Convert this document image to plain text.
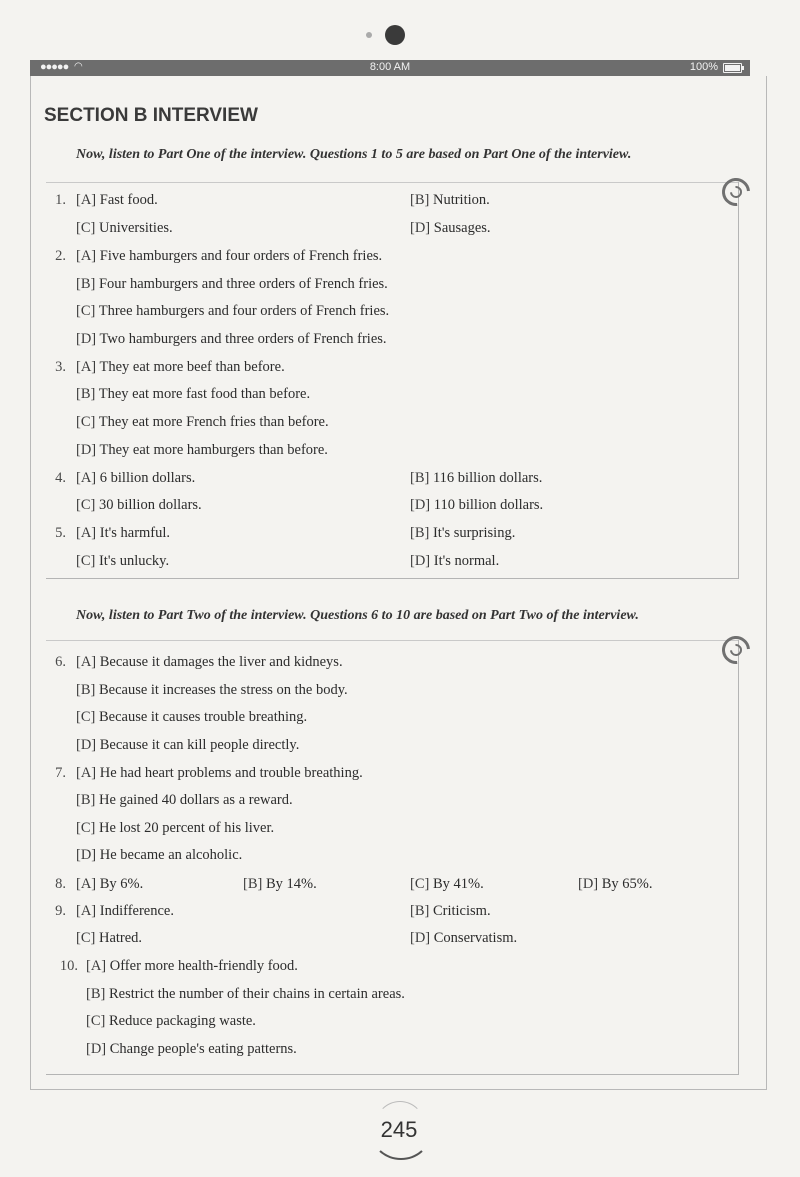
●●●●● ◠	8:00 AM	100%
SECTION B INTERVIEW
Now, listen to Part One of the interview. Questions 1 to 5 are based on Part One of the interview.
1. [A] Fast food.	[B] Nutrition.
[C] Universities.	[D] Sausages.
2. [A] Five hamburgers and four orders of French fries.
[B] Four hamburgers and three orders of French fries.
[C] Three hamburgers and four orders of French fries.
[D] Two hamburgers and three orders of French fries.
3. [A] They eat more beef than before.
[B] They eat more fast food than before.
[C] They eat more French fries than before.
[D] They eat more hamburgers than before.
4. [A] 6 billion dollars.	[B] 116 billion dollars.
[C] 30 billion dollars.	[D] 110 billion dollars.
5. [A] It's harmful.	[B] It's surprising.
[C] It's unlucky.	[D] It's normal.
Now, listen to Part Two of the interview. Questions 6 to 10 are based on Part Two of the interview.
6. [A] Because it damages the liver and kidneys.
[B] Because it increases the stress on the body.
[C] Because it causes trouble breathing.
[D] Because it can kill people directly.
7. [A] He had heart problems and trouble breathing.
[B] He gained 40 dollars as a reward.
[C] He lost 20 percent of his liver.
[D] He became an alcoholic.
8. [A] By 6%.	[B] By 14%.	[C] By 41%.	[D] By 65%.
9. [A] Indifference.	[B] Criticism.
[C] Hatred.	[D] Conservatism.
10. [A] Offer more health-friendly food.
[B] Restrict the number of their chains in certain areas.
[C] Reduce packaging waste.
[D] Change people's eating patterns.
245
